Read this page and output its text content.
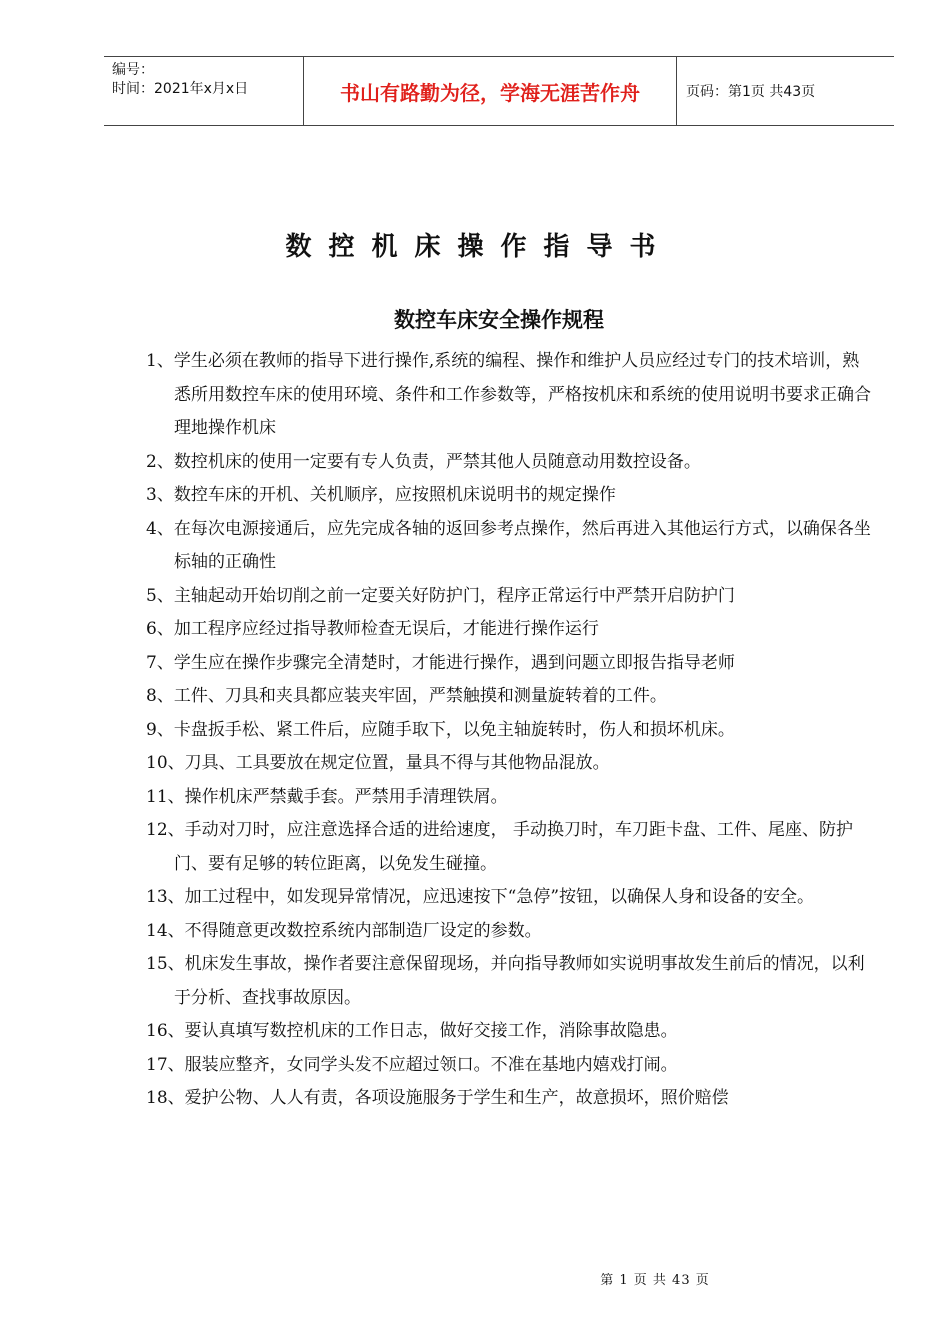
编号：
时间：2021年x月x日	书山有路勤为径，学海无涯苦作舟	页码：第1页 共43页
数控机床操作指导书
数控车床安全操作规程
1、学生必须在教师的指导下进行操作,系统的编程、操作和维护人员应经过专门的技术培训，熟悉所用数控车床的使用环境、条件和工作参数等，严格按机床和系统的使用说明书要求正确合理地操作机床
2、数控机床的使用一定要有专人负责，严禁其他人员随意动用数控设备。
3、数控车床的开机、关机顺序，应按照机床说明书的规定操作
4、在每次电源接通后，应先完成各轴的返回参考点操作，然后再进入其他运行方式，以确保各坐标轴的正确性
5、主轴起动开始切削之前一定要关好防护门，程序正常运行中严禁开启防护门
6、加工程序应经过指导教师检查无误后，才能进行操作运行
7、学生应在操作步骤完全清楚时，才能进行操作，遇到问题立即报告指导老师
8、工件、刀具和夹具都应装夹牢固，严禁触摸和测量旋转着的工件。
9、卡盘扳手松、紧工件后，应随手取下，以免主轴旋转时，伤人和损坏机床。
10、刀具、工具要放在规定位置，量具不得与其他物品混放。
11、操作机床严禁戴手套。严禁用手清理铁屑。
12、手动对刀时，应注意选择合适的进给速度， 手动换刀时，车刀距卡盘、工件、尾座、防护门、要有足够的转位距离，以免发生碰撞。
13、加工过程中，如发现异常情况，应迅速按下“急停”按钮，以确保人身和设备的安全。
14、不得随意更改数控系统内部制造厂设定的参数。
15、机床发生事故，操作者要注意保留现场，并向指导教师如实说明事故发生前后的情况，以利于分析、查找事故原因。
16、要认真填写数控机床的工作日志，做好交接工作，消除事故隐患。
17、服装应整齐，女同学头发不应超过领口。不准在基地内嬉戏打闹。
18、爱护公物、人人有责，各项设施服务于学生和生产，故意损坏，照价赔偿
第 1 页 共 43 页
